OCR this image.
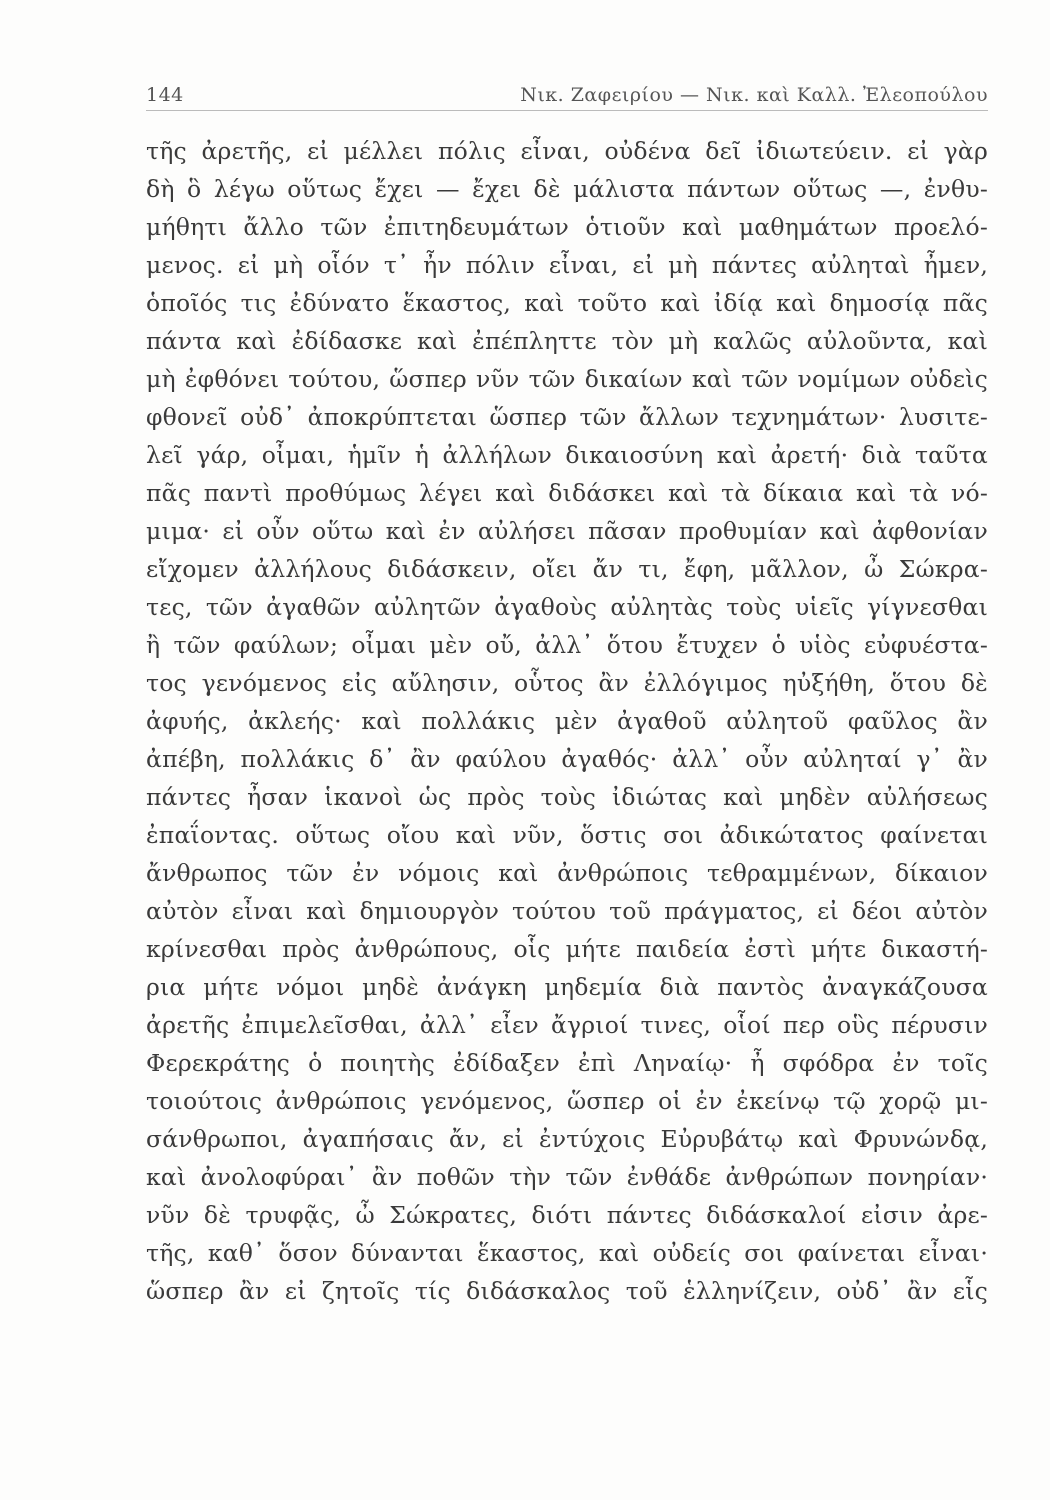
144	Νικ. Ζαφειρίου — Νικ. καὶ Καλλ. Ἐλεοπούλου
τῆς ἀρετῆς, εἰ μέλλει πόλις εἶναι, οὐδένα δεῖ ἰδιωτεύειν. εἰ γὰρ
δὴ ὃ λέγω οὕτως ἔχει — ἔχει δὲ μάλιστα πάντων οὕτως —, ἐνθυ-
μήθητι ἄλλο τῶν ἐπιτηδευμάτων ὁτιοῦν καὶ μαθημάτων προελό-
μενος. εἰ μὴ οἷόν τ᾽ ἦν πόλιν εἶναι, εἰ μὴ πάντες αὐληταὶ ἦμεν,
ὁποῖός τις ἐδύνατο ἕκαστος, καὶ τοῦτο καὶ ἰδίᾳ καὶ δημοσίᾳ πᾶς
πάντα καὶ ἐδίδασκε καὶ ἐπέπληττε τὸν μὴ καλῶς αὐλοῦντα, καὶ
μὴ ἐφθόνει τούτου, ὥσπερ νῦν τῶν δικαίων καὶ τῶν νομίμων οὐδεὶς
φθονεῖ οὐδ᾽ ἀποκρύπτεται ὥσπερ τῶν ἄλλων τεχνημάτων· λυσιτε-
λεῖ γάρ, οἶμαι, ἡμῖν ἡ ἀλλήλων δικαιοσύνη καὶ ἀρετή· διὰ ταῦτα
πᾶς παντὶ προθύμως λέγει καὶ διδάσκει καὶ τὰ δίκαια καὶ τὰ νό-
μιμα· εἰ οὖν οὕτω καὶ ἐν αὐλήσει πᾶσαν προθυμίαν καὶ ἀφθονίαν
εἴχομεν ἀλλήλους διδάσκειν, οἴει ἄν τι, ἔφη, μᾶλλον, ὦ Σώκρα-
τες, τῶν ἀγαθῶν αὐλητῶν ἀγαθοὺς αὐλητὰς τοὺς υἱεῖς γίγνεσθαι
ἢ τῶν φαύλων; οἶμαι μὲν οὔ, ἀλλ᾽ ὅτου ἔτυχεν ὁ υἱὸς εὐφυέστα-
τος γενόμενος εἰς αὔλησιν, οὗτος ἂν ἐλλόγιμος ηὐξήθη, ὅτου δὲ
ἀφυής, ἀκλεής· καὶ πολλάκις μὲν ἀγαθοῦ αὐλητοῦ φαῦλος ἂν
ἀπέβη, πολλάκις δ᾽ ἂν φαύλου ἀγαθός· ἀλλ᾽ οὖν αὐληταί γ᾽ ἂν
πάντες ἦσαν ἱκανοὶ ὡς πρὸς τοὺς ἰδιώτας καὶ μηδὲν αὐλήσεως
ἐπαΐοντας. οὕτως οἴου καὶ νῦν, ὅστις σοι ἀδικώτατος φαίνεται
ἄνθρωπος τῶν ἐν νόμοις καὶ ἀνθρώποις τεθραμμένων, δίκαιον
αὐτὸν εἶναι καὶ δημιουργὸν τούτου τοῦ πράγματος, εἰ δέοι αὐτὸν
κρίνεσθαι πρὸς ἀνθρώπους, οἷς μήτε παιδεία ἐστὶ μήτε δικαστή-
ρια μήτε νόμοι μηδὲ ἀνάγκη μηδεμία διὰ παντὸς ἀναγκάζουσα
ἀρετῆς ἐπιμελεῖσθαι, ἀλλ᾽ εἶεν ἄγριοί τινες, οἷοί περ οὓς πέρυσιν
Φερεκράτης ὁ ποιητὴς ἐδίδαξεν ἐπὶ Ληναίῳ· ἦ σφόδρα ἐν τοῖς
τοιούτοις ἀνθρώποις γενόμενος, ὥσπερ οἱ ἐν ἐκείνῳ τῷ χορῷ μι-
σάνθρωποι, ἀγαπήσαις ἄν, εἰ ἐντύχοις Εὐρυβάτῳ καὶ Φρυνώνδᾳ,
καὶ ἀνολοφύραι᾽ ἂν ποθῶν τὴν τῶν ἐνθάδε ἀνθρώπων πονηρίαν·
νῦν δὲ τρυφᾷς, ὦ Σώκρατες, διότι πάντες διδάσκαλοί εἰσιν ἀρε-
τῆς, καθ᾽ ὅσον δύνανται ἕκαστος, καὶ οὐδείς σοι φαίνεται εἶναι·
ὥσπερ ἂν εἰ ζητοῖς τίς διδάσκαλος τοῦ ἑλληνίζειν, οὐδ᾽ ἂν εἷς
